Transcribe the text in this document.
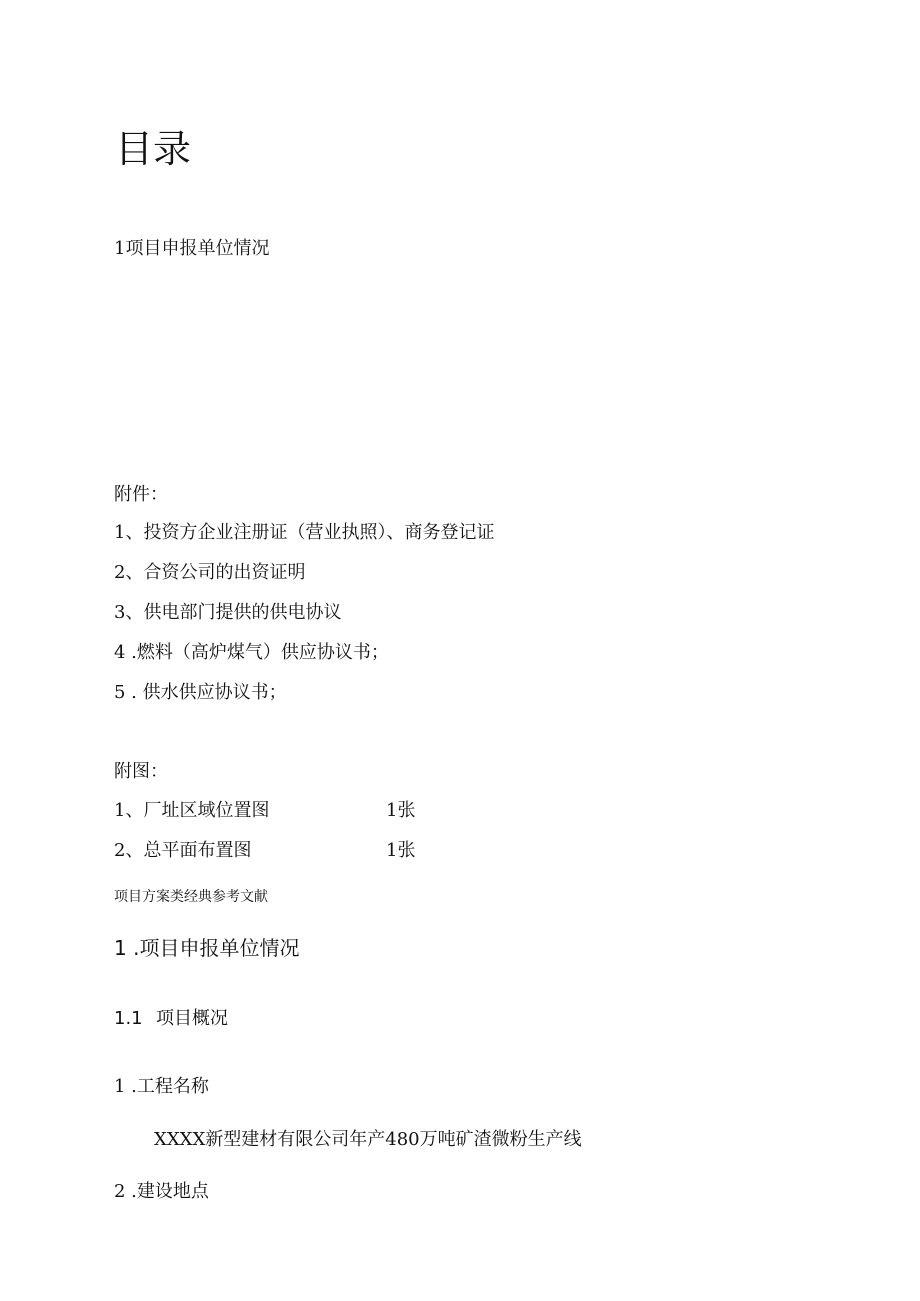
目录
1项目申报单位情况
附件：
1、投资方企业注册证（营业执照）、商务登记证
2、合资公司的出资证明
3、供电部门提供的供电协议
4 .燃料（高炉煤气）供应协议书；
5 . 供水供应协议书；
附图：
1、厂址区域位置图	1张
2、总平面布置图	1张
项目方案类经典参考文献
1 .项目申报单位情况
1.1 项目概况
1 .工程名称
XXXX新型建材有限公司年产480万吨矿渣微粉生产线
2 .建设地点
